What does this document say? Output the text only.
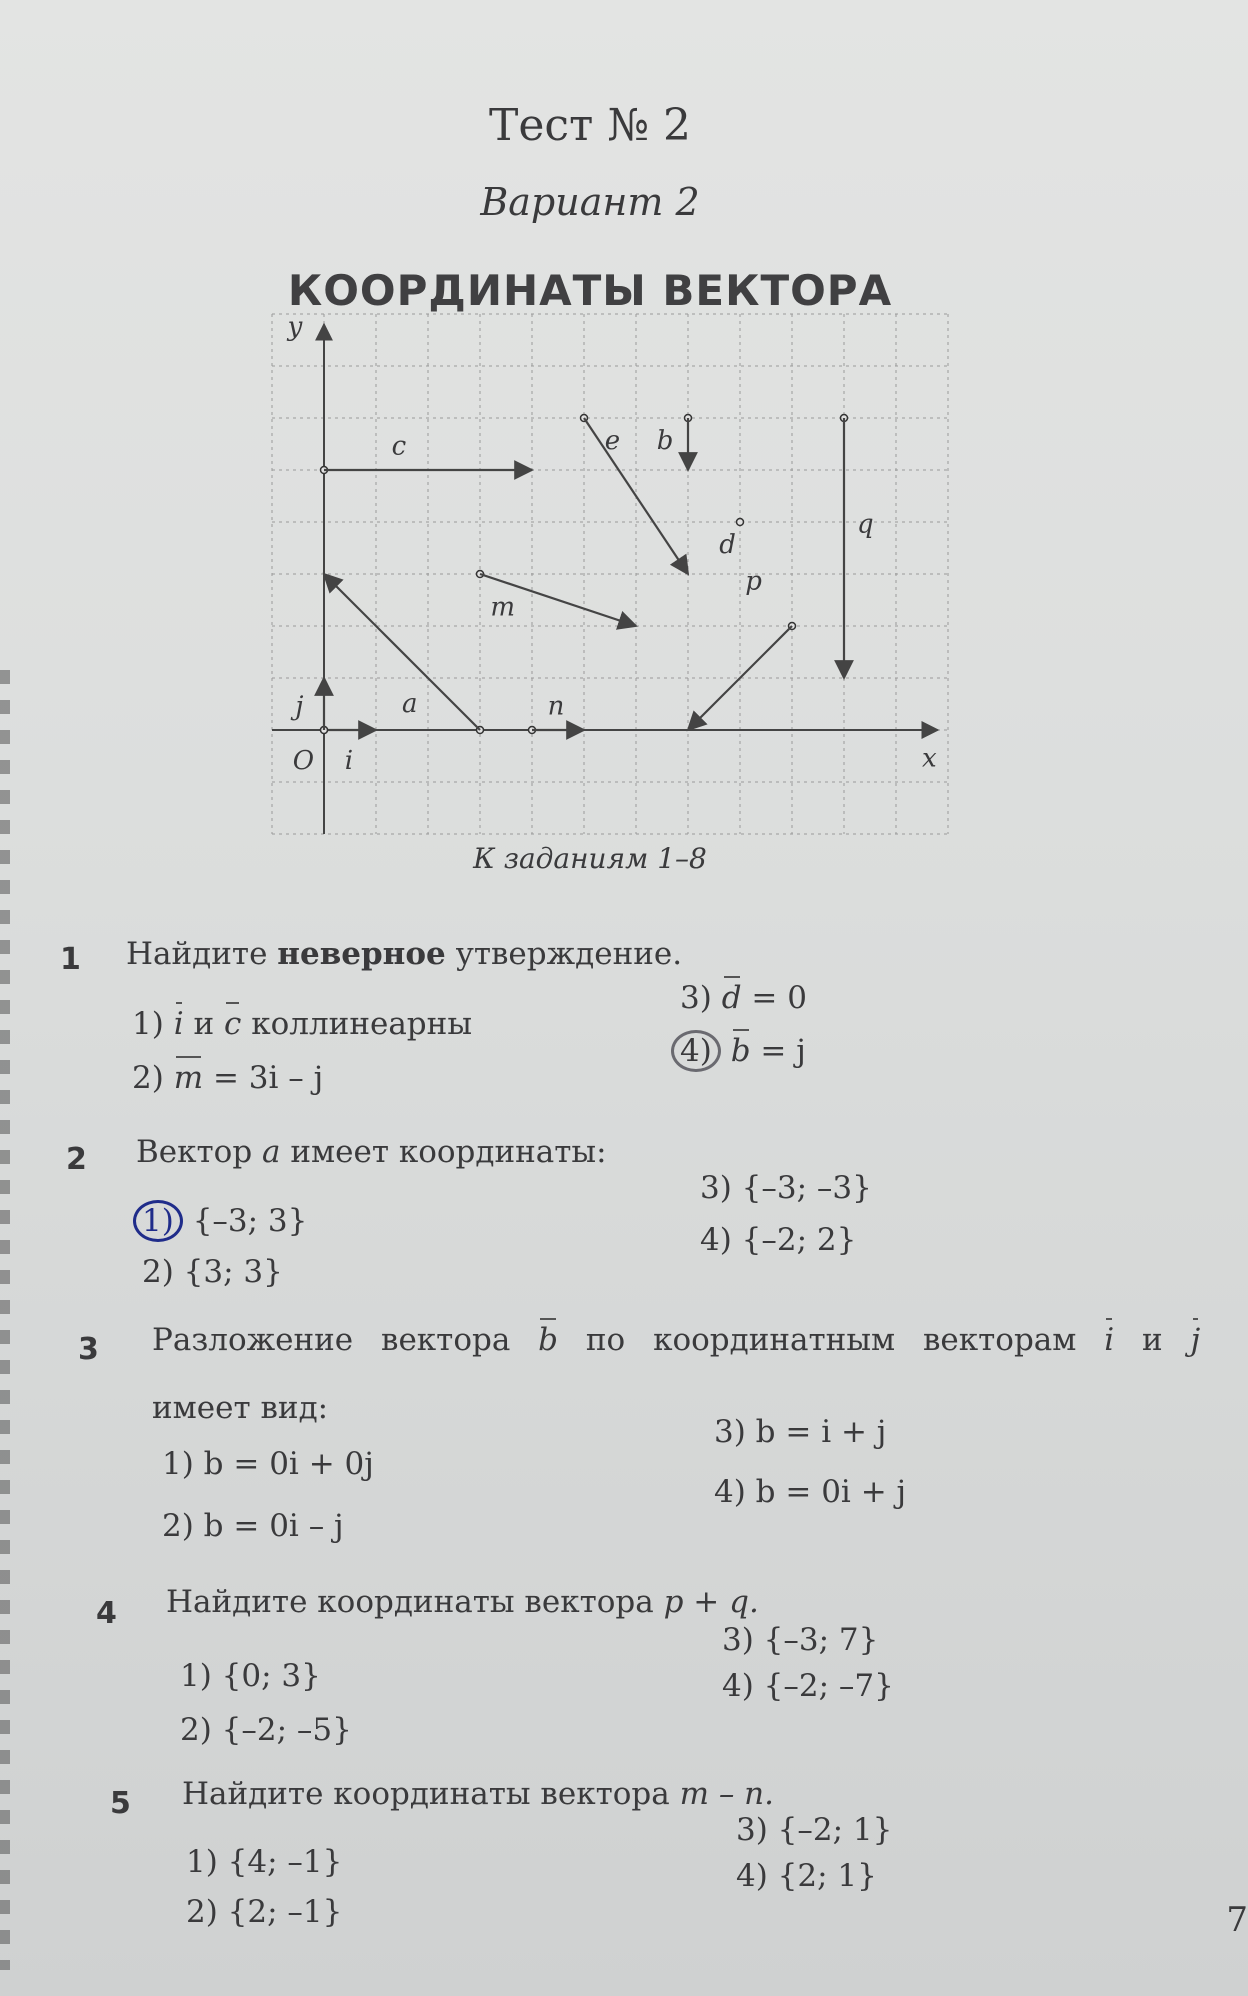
Тест № 2
Вариант 2
КООРДИНАТЫ ВЕКТОРА
x
y
O i
j
c	e b
d
q
m
a
p
n
К заданиям 1–8
1 Найдите неверное утверждение.
3) d = 0
1) i и c коллинеарны
4) b = j
2) m = 3i – j
2 Вектор a имеет координаты:
3) {–3; –3}
1) {–3; 3}
4) {–2; 2}
2) {3; 3}
3 Разложение вектора b по координатным векторам i и j
имеет вид:
3) b = i + j
1) b = 0i + 0j
4) b = 0i + j
2) b = 0i – j
4 Найдите координаты вектора p + q.
3) {–3; 7}
1) {0; 3}	4) {–2; –7}
2) {–2; –5}
5 Найдите координаты вектора m – n.
3) {–2; 1}
1) {4; –1}	4) {2; 1}
2) {2; –1}	7
